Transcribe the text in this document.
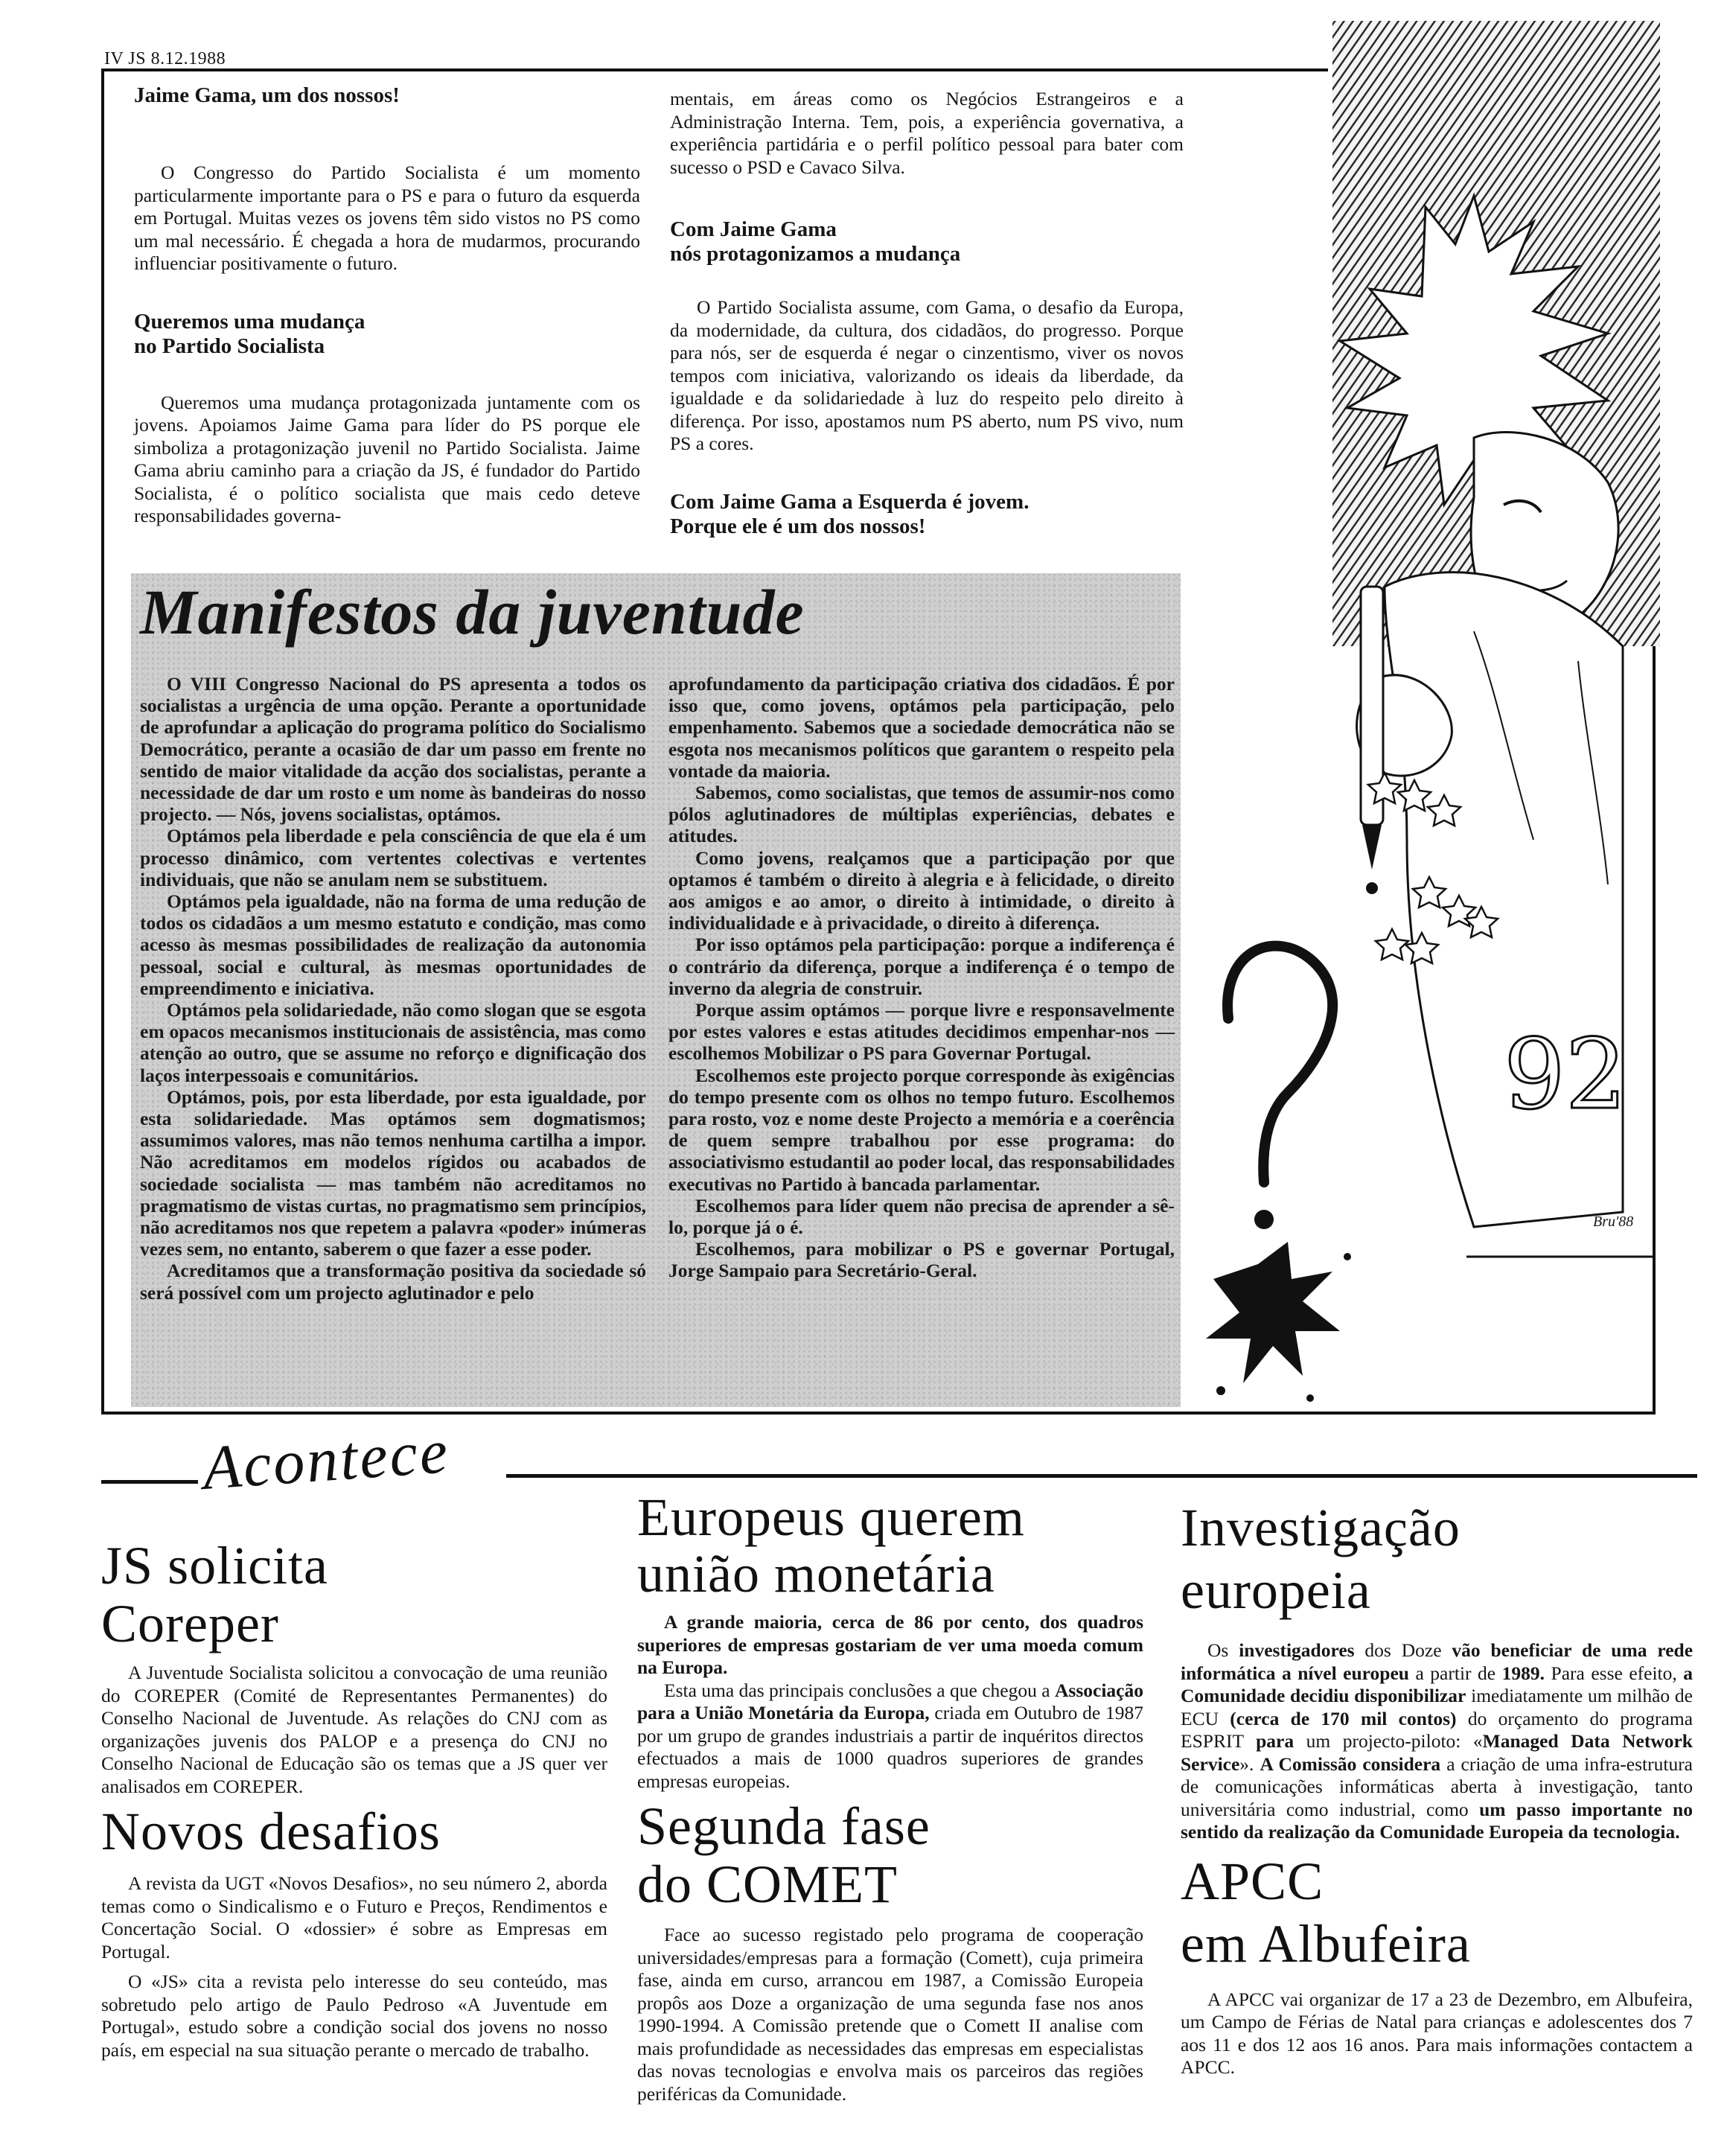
IV JS 8.12.1988
Jaime Gama, um dos nossos!

O Congresso do Partido Socialista é um momento particularmente importante para o PS e para o futuro da esquerda em Portugal. Muitas vezes os jovens têm sido vistos no PS como um mal necessário. É chegada a hora de mudarmos, procurando influenciar positivamente o futuro.

Queremos uma mudança
no Partido Socialista

Queremos uma mudança protagonizada juntamente com os jovens. Apoiamos Jaime Gama para líder do PS porque ele simboliza a protagonização juvenil no Partido Socialista. Jaime Gama abriu caminho para a criação da JS, é fundador do Partido Socialista, é o político socialista que mais cedo deteve responsabilidades governa-

mentais, em áreas como os Negócios Estrangeiros e a Administração Interna. Tem, pois, a experiência governativa, a experiência partidária e o perfil político pessoal para bater com sucesso o PSD e Cavaco Silva.

Com Jaime Gama
nós protagonizamos a mudança

O Partido Socialista assume, com Gama, o desafio da Europa, da modernidade, da cultura, dos cidadãos, do progresso. Porque para nós, ser de esquerda é negar o cinzentismo, viver os novos tempos com iniciativa, valorizando os ideais da liberdade, da igualdade e da solidariedade à luz do respeito pelo direito à diferença. Por isso, apostamos num PS aberto, num PS vivo, num PS a cores.

Com Jaime Gama a Esquerda é jovem.
Porque ele é um dos nossos!
Manifestos da juventude

O VIII Congresso Nacional do PS apresenta a todos os socialistas a urgência de uma opção. Perante a oportunidade de aprofundar a aplicação do programa político do Socialismo Democrático, perante a ocasião de dar um passo em frente no sentido de maior vitalidade da acção dos socialistas, perante a necessidade de dar um rosto e um nome às bandeiras do nosso projecto. — Nós, jovens socialistas, optámos.

Optámos pela liberdade e pela consciência de que ela é um processo dinâmico, com vertentes colectivas e vertentes individuais, que não se anulam nem se substituem.

Optámos pela igualdade, não na forma de uma redução de todos os cidadãos a um mesmo estatuto e condição, mas como acesso às mesmas possibilidades de realização da autonomia pessoal, social e cultural, às mesmas oportunidades de empreendimento e iniciativa.

Optámos pela solidariedade, não como slogan que se esgota em opacos mecanismos institucionais de assistência, mas como atenção ao outro, que se assume no reforço e dignificação dos laços interpessoais e comunitários.

Optámos, pois, por esta liberdade, por esta igualdade, por esta solidariedade. Mas optámos sem dogmatismos; assumimos valores, mas não temos nenhuma cartilha a impor. Não acreditamos em modelos rígidos ou acabados de sociedade socialista — mas também não acreditamos no pragmatismo de vistas curtas, no pragmatismo sem princípios, não acreditamos nos que repetem a palavra «poder» inúmeras vezes sem, no entanto, saberem o que fazer a esse poder.

Acreditamos que a transformação positiva da sociedade só será possível com um projecto aglutinador e pelo

aprofundamento da participação criativa dos cidadãos. É por isso que, como jovens, optámos pela participação, pelo empenhamento. Sabemos que a sociedade democrática não se esgota nos mecanismos políticos que garantem o respeito pela vontade da maioria.

Sabemos, como socialistas, que temos de assumir-nos como pólos aglutinadores de múltiplas experiências, debates e atitudes.

Como jovens, realçamos que a participação por que optamos é também o direito à alegria e à felicidade, o direito aos amigos e ao amor, o direito à intimidade, o direito à individualidade e à privacidade, o direito à diferença.

Por isso optámos pela participação: porque a indiferença é o contrário da diferença, porque a indiferença é o tempo de inverno da alegria de construir.

Porque assim optámos — porque livre e responsavelmente por estes valores e estas atitudes decidimos empenhar-nos — escolhemos Mobilizar o PS para Governar Portugal.

Escolhemos este projecto porque corresponde às exigências do tempo presente com os olhos no tempo futuro. Escolhemos para rosto, voz e nome deste Projecto a memória e a coerência de quem sempre trabalhou por esse programa: do associativismo estudantil ao poder local, das responsabilidades executivas no Partido à bancada parlamentar.

Escolhemos para líder quem não precisa de aprender a sê-lo, porque já o é.

Escolhemos, para mobilizar o PS e governar Portugal, Jorge Sampaio para Secretário-Geral.

92
Bru'88
Acontece
JS solicita
Coreper

A Juventude Socialista solicitou a convocação de uma reunião do COREPER (Comité de Representantes Permanentes) do Conselho Nacional de Juventude. As relações do CNJ com as organizações juvenis dos PALOP e a presença do CNJ no Conselho Nacional de Educação são os temas que a JS quer ver analisados em COREPER.

Novos desafios

A revista da UGT «Novos Desafios», no seu número 2, aborda temas como o Sindicalismo e o Futuro e Preços, Rendimentos e Concertação Social. O «dossier» é sobre as Empresas em Portugal.

O «JS» cita a revista pelo interesse do seu conteúdo, mas sobretudo pelo artigo de Paulo Pedroso «A Juventude em Portugal», estudo sobre a condição social dos jovens no nosso país, em especial na sua situação perante o mercado de trabalho.

Europeus querem
união monetária

A grande maioria, cerca de 86 por cento, dos quadros superiores de empresas gostariam de ver uma moeda comum na Europa.

Esta uma das principais conclusões a que chegou a Associação para a União Monetária da Europa, criada em Outubro de 1987 por um grupo de grandes industriais a partir de inquéritos directos efectuados a mais de 1000 quadros superiores de grandes empresas europeias.

Segunda fase
do COMET

Face ao sucesso registado pelo programa de cooperação universidades/empresas para a formação (Comett), cuja primeira fase, ainda em curso, arrancou em 1987, a Comissão Europeia propôs aos Doze a organização de uma segunda fase nos anos 1990-1994. A Comissão pretende que o Comett II analise com mais profundidade as necessidades das empresas em especialistas das novas tecnologias e envolva mais os parceiros das regiões periféricas da Comunidade.

Investigação
europeia

Os investigadores dos Doze vão beneficiar de uma rede informática a nível europeu a partir de 1989. Para esse efeito, a Comunidade decidiu disponibilizar imediatamente um milhão de ECU (cerca de 170 mil contos) do orçamento do programa ESPRIT para um projecto-piloto: «Managed Data Network Service». A Comissão considera a criação de uma infra-estrutura de comunicações informáticas aberta à investigação, tanto universitária como industrial, como um passo importante no sentido da realização da Comunidade Europeia da tecnologia.

APCC
em Albufeira

A APCC vai organizar de 17 a 23 de Dezembro, em Albufeira, um Campo de Férias de Natal para crianças e adolescentes dos 7 aos 11 e dos 12 aos 16 anos. Para mais informações contactem a APCC.
